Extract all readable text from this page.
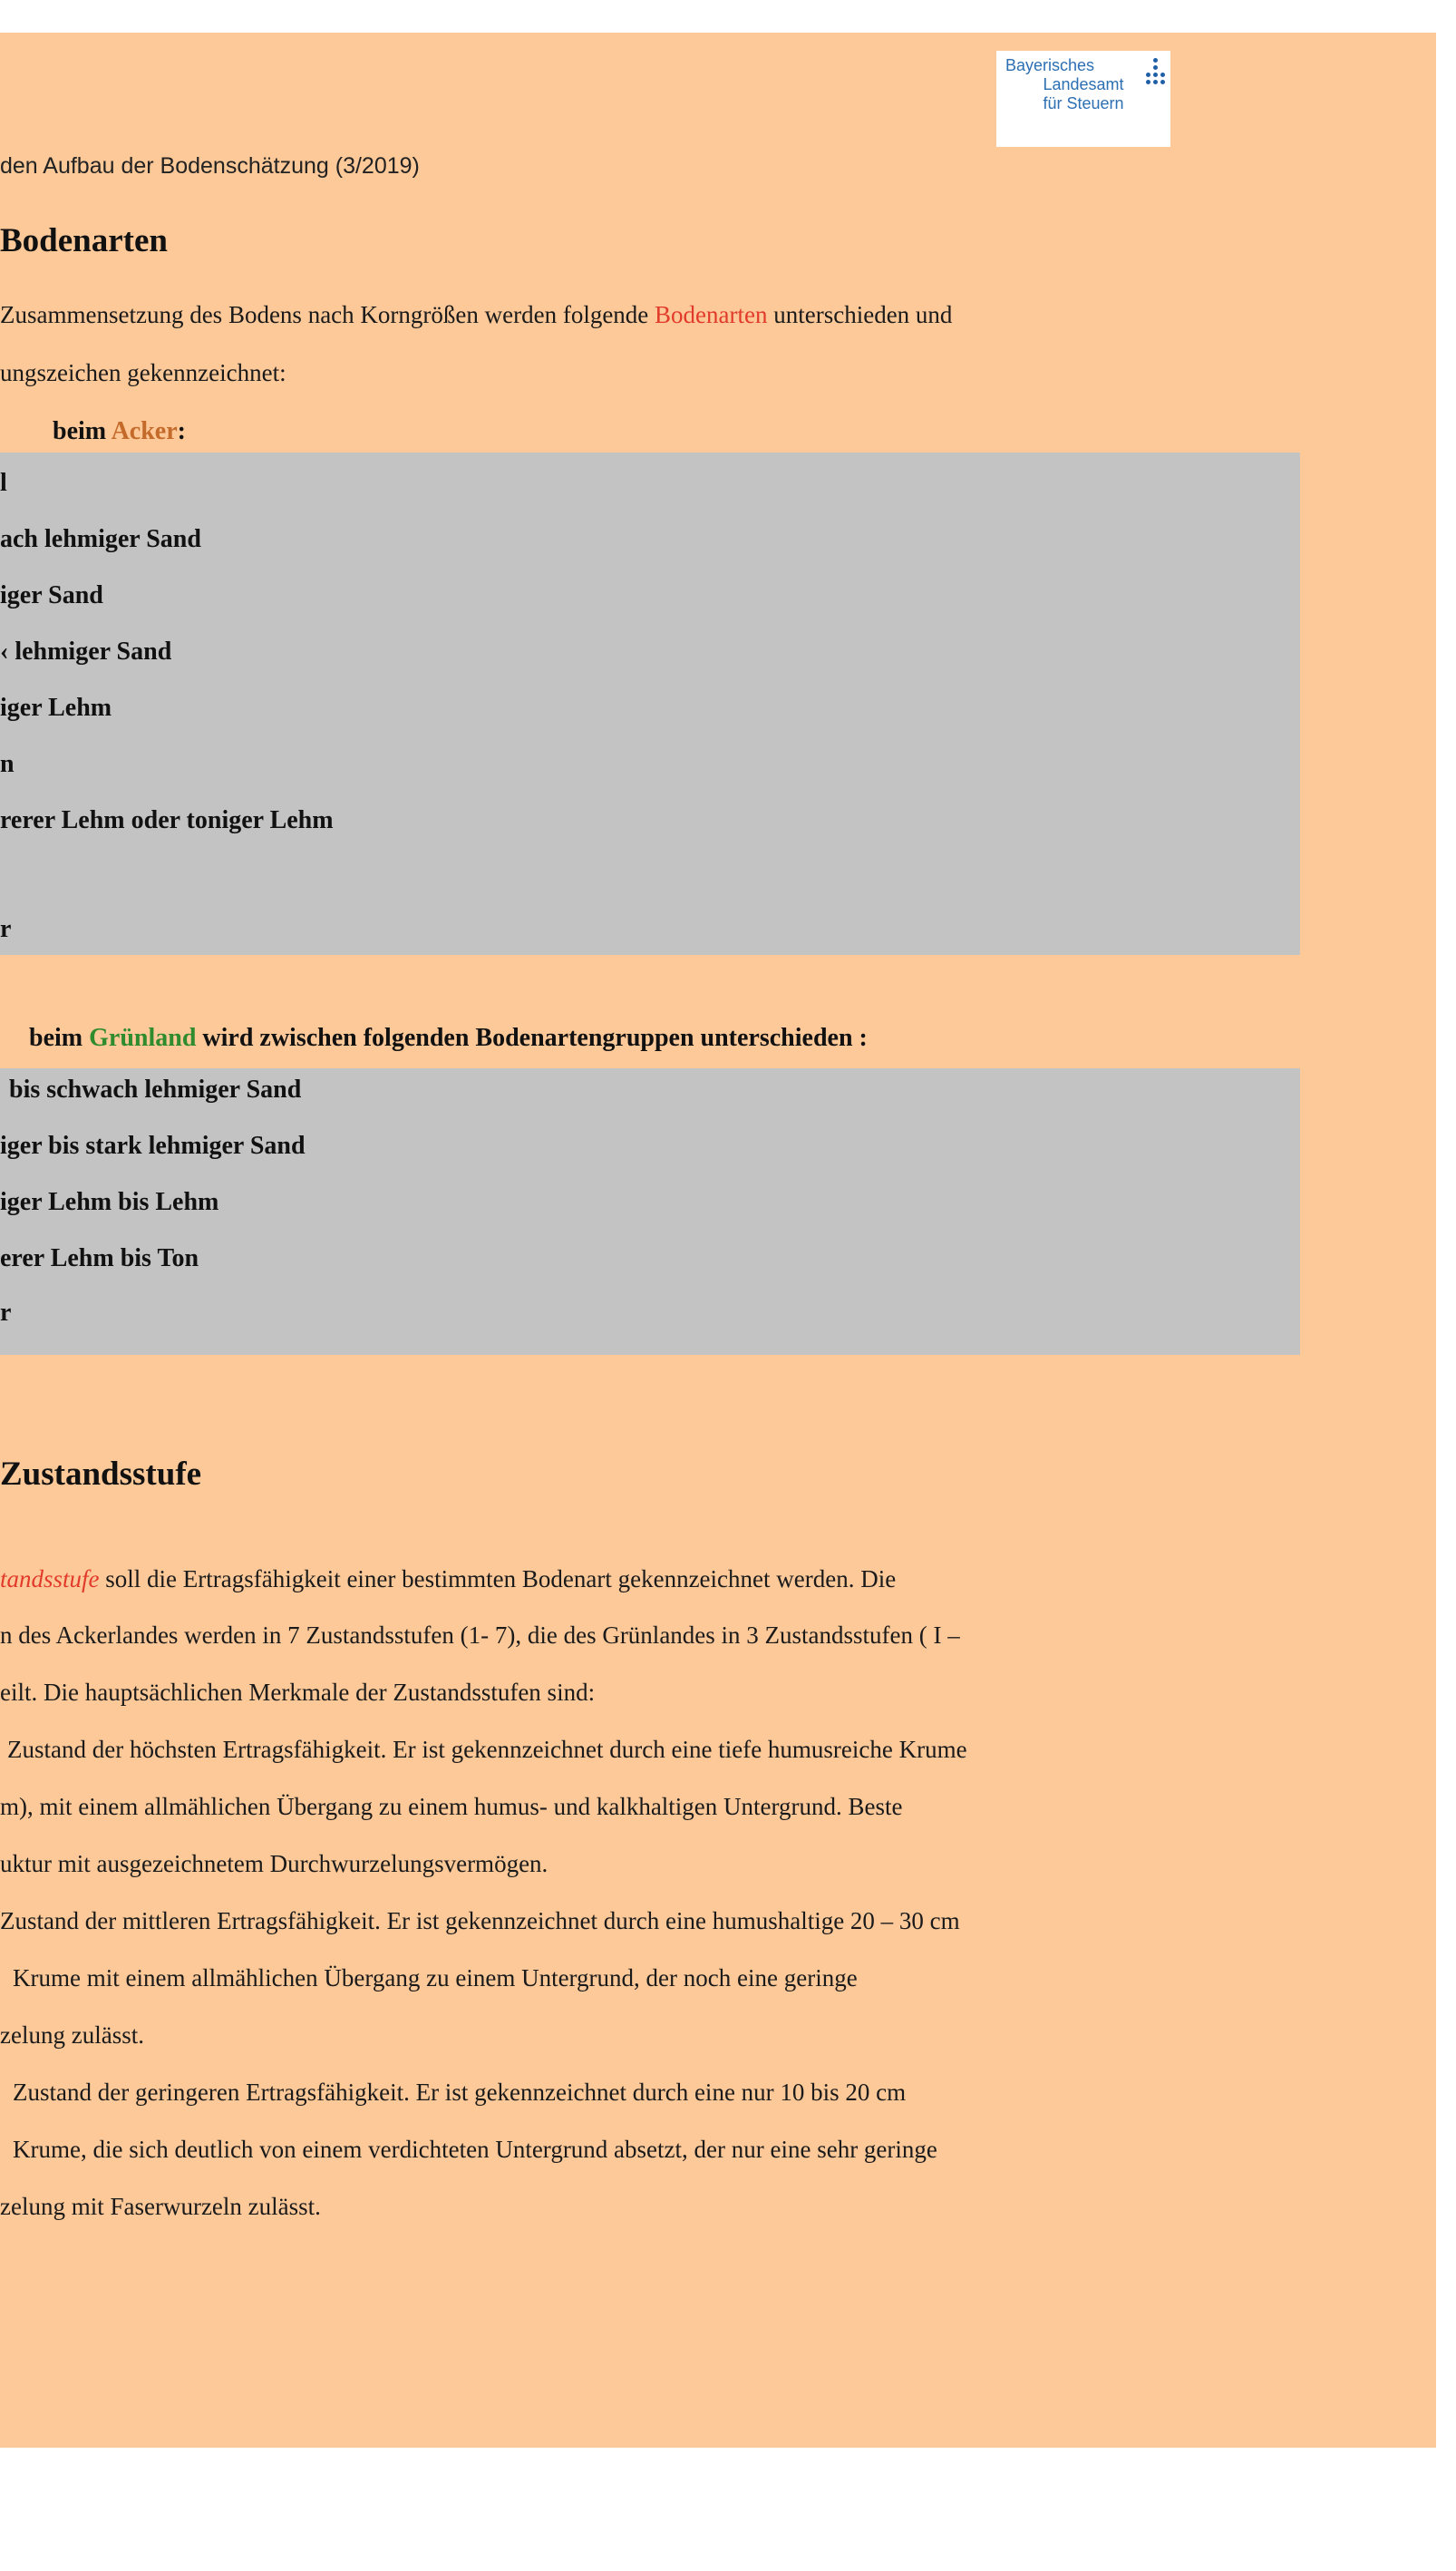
den Aufbau der Bodenschätzung (3/2019)
Bayerisches
Landesamt
für Steuern
Bodenarten
Zusammensetzung des Bodens nach Korngrößen werden folgende Bodenarten unterschieden und
ungszeichen gekennzeichnet:
beim Acker:
l
ach lehmiger Sand
iger Sand
‹ lehmiger Sand
iger Lehm
n
rerer Lehm oder toniger Lehm
r
beim Grünland wird zwischen folgenden Bodenartengruppen unterschieden :
bis schwach lehmiger Sand
iger bis stark lehmiger Sand
iger Lehm bis Lehm
erer Lehm bis Ton
r
Zustandsstufe
tandsstufe soll die Ertragsfähigkeit einer bestimmten Bodenart gekennzeichnet werden. Die
n des Ackerlandes werden in 7 Zustandsstufen (1- 7), die des Grünlandes in 3 Zustandsstufen ( I –
eilt. Die hauptsächlichen Merkmale der Zustandsstufen sind:
Zustand der höchsten Ertragsfähigkeit. Er ist gekennzeichnet durch eine tiefe humusreiche Krume
m), mit einem allmählichen Übergang zu einem humus- und kalkhaltigen Untergrund. Beste
uktur mit ausgezeichnetem Durchwurzelungsvermögen.
Zustand der mittleren Ertragsfähigkeit. Er ist gekennzeichnet durch eine humushaltige 20 – 30 cm
Krume mit einem allmählichen Übergang zu einem Untergrund, der noch eine geringe
zelung zulässt.
Zustand der geringeren Ertragsfähigkeit. Er ist gekennzeichnet durch eine nur 10 bis 20 cm
Krume, die sich deutlich von einem verdichteten Untergrund absetzt, der nur eine sehr geringe
zelung mit Faserwurzeln zulässt.
